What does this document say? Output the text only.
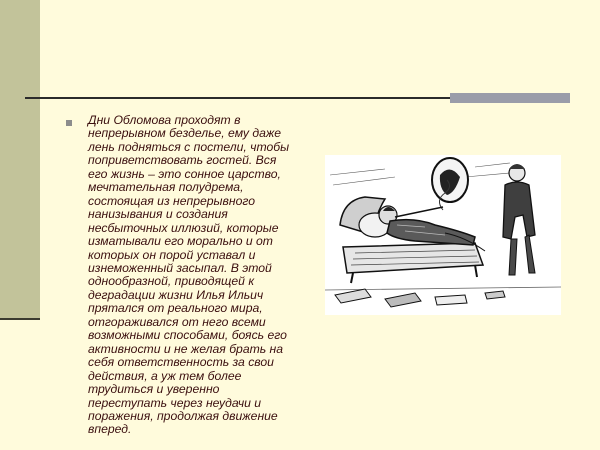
Дни Обломова проходят в
непрерывном безделье, ему даже
лень подняться с постели, чтобы
поприветствовать гостей. Вся
его жизнь – это сонное царство,
мечтательная полудрема,
состоящая из непрерывного
нанизывания и создания
несбыточных иллюзий, которые
изматывали его морально и от
которых он порой уставал и
изнеможенный засыпал. В этой
однообразной, приводящей к
деградации жизни Илья Ильич
прятался от реального мира,
отгораживался от него всеми
возможными способами, боясь его
активности и не желая брать на
себя ответственность за свои
действия, а уж тем более
трудиться и уверенно
переступать через неудачи и
поражения, продолжая движение
вперед.
